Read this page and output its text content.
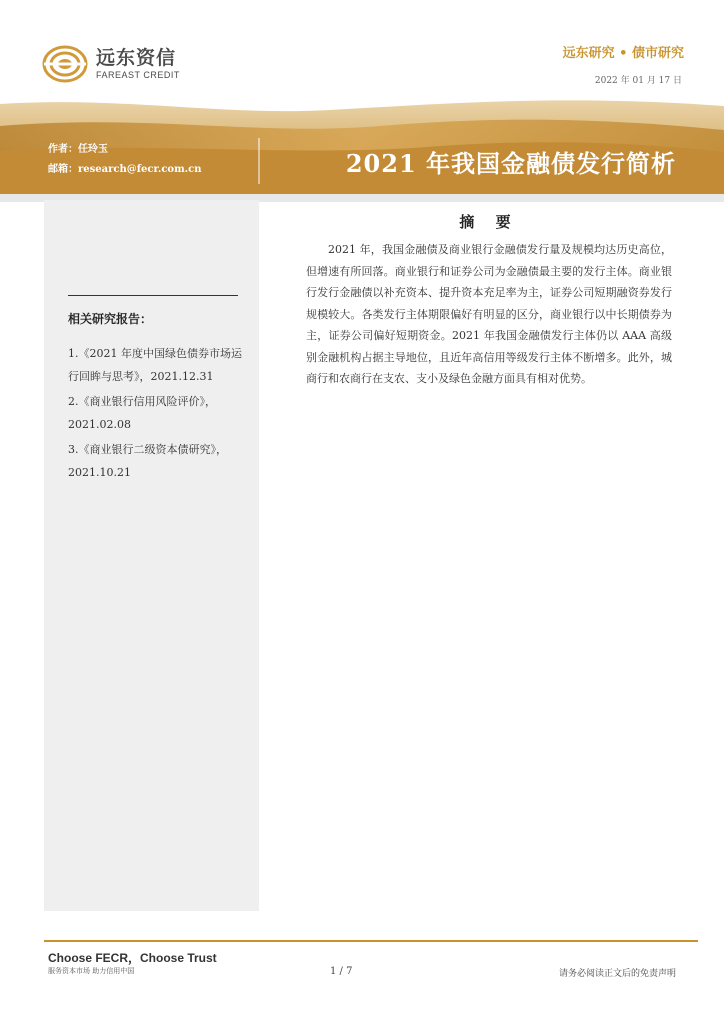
远东资信
FAREAST CREDIT
远东研究 • 债市研究
2022 年 01 月 17 日
作者：任玲玉
邮箱：research@fecr.com.cn	2021 年我国金融债发行简析
相关研究报告：
1.《2021 年度中国绿色债券市场运行回眸与思考》，2021.12.31
2.《商业银行信用风险评价》，2021.02.08
3.《商业银行二级资本债研究》，2021.10.21
摘 要
2021 年，我国金融债及商业银行金融债发行量及规模均达历史高位，但增速有所回落。商业银行和证券公司为金融债最主要的发行主体。商业银行发行金融债以补充资本、提升资本充足率为主，证券公司短期融资券发行规模较大。各类发行主体期限偏好有明显的区分，商业银行以中长期债券为主，证券公司偏好短期资金。2021 年我国金融债发行主体仍以 AAA 高级别金融机构占据主导地位，且近年高信用等级发行主体不断增多。此外，城商行和农商行在支农、支小及绿色金融方面具有相对优势。
Choose FECR，Choose Trust
服务资本市场 助力信用中国	1 / 7	请务必阅读正文后的免责声明
